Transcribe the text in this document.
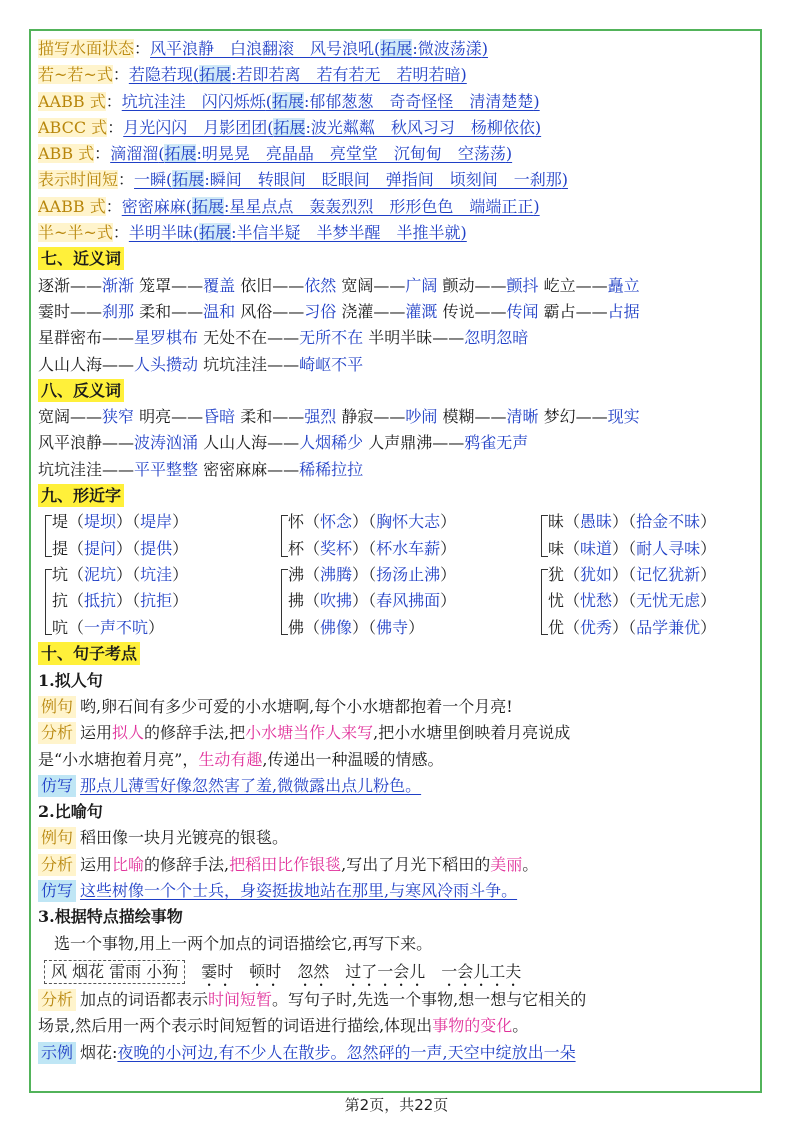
描写水面状态：风平浪静　白浪翻滚　风号浪吼(拓展:微波荡漾)
若~若~式：若隐若现(拓展:若即若离　若有若无　若明若暗)
AABB 式：坑坑洼洼　闪闪烁烁(拓展:郁郁葱葱　奇奇怪怪　清清楚楚)
ABCC 式：月光闪闪　月影团团(拓展:波光粼粼　秋风习习　杨柳依依)
ABB 式：滴溜溜(拓展:明晃晃　亮晶晶　亮堂堂　沉甸甸　空荡荡)
表示时间短：一瞬(拓展:瞬间　转眼间　眨眼间　弹指间　顷刻间　一刹那)
AABB 式：密密麻麻(拓展:星星点点　轰轰烈烈　形形色色　端端正正)
半~半~式：半明半昧(拓展:半信半疑　半梦半醒　半推半就)
七、近义词
逐渐——渐渐 笼罩——覆盖 依旧——依然 宽阔——广阔 颤动——颤抖 屹立——矗立
霎时——刹那 柔和——温和 风俗——习俗 浇灌——灌溉 传说——传闻 霸占——占据
星群密布——星罗棋布 无处不在——无所不在 半明半昧——忽明忽暗
人山人海——人头攒动 坑坑洼洼——崎岖不平
八、反义词
宽阔——狭窄 明亮——昏暗 柔和——强烈 静寂——吵闹 模糊——清晰 梦幻——现实
风平浪静——波涛汹涌 人山人海——人烟稀少 人声鼎沸——鸦雀无声
坑坑洼洼——平平整整 密密麻麻——稀稀拉拉
九、形近字
堤（堤坝）（堤岸）
提（提问）（提供）
坑（泥坑）（坑洼）
抗（抵抗）（抗拒）
吭（一声不吭）
怀（怀念）（胸怀大志）
杯（奖杯）（杯水车薪）
沸（沸腾）（扬汤止沸）
拂（吹拂）（春风拂面）
佛（佛像）（佛寺）
昧（愚昧）（拾金不昧）
味（味道）（耐人寻味）
犹（犹如）（记忆犹新）
忧（忧愁）（无忧无虑）
优（优秀）（品学兼优）
十、句子考点
1.拟人句
例句 哟,卵石间有多少可爱的小水塘啊,每个小水塘都抱着一个月亮!
分析 运用拟人的修辞手法,把小水塘当作人来写,把小水塘里倒映着月亮说成
是“小水塘抱着月亮”，生动有趣,传递出一种温暖的情感。
仿写 那点儿薄雪好像忽然害了羞,微微露出点儿粉色。
2.比喻句
例句 稻田像一块月光镀亮的银毯。
分析 运用比喻的修辞手法,把稻田比作银毯,写出了月光下稻田的美丽。
仿写 这些树像一个个士兵，身姿挺拔地站在那里,与寒风冷雨斗争。
3.根据特点描绘事物
选一个事物,用上一两个加点的词语描绘它,再写下来。
风 烟花 雷雨 小狗　 霎时　顿时　忽然　过了一会儿　一会儿工夫
分析 加点的词语都表示时间短暂。写句子时,先选一个事物,想一想与它相关的
场景,然后用一两个表示时间短暂的词语进行描绘,体现出事物的变化。
示例 烟花:夜晚的小河边,有不少人在散步。忽然砰的一声,天空中绽放出一朵
第2页，共22页
